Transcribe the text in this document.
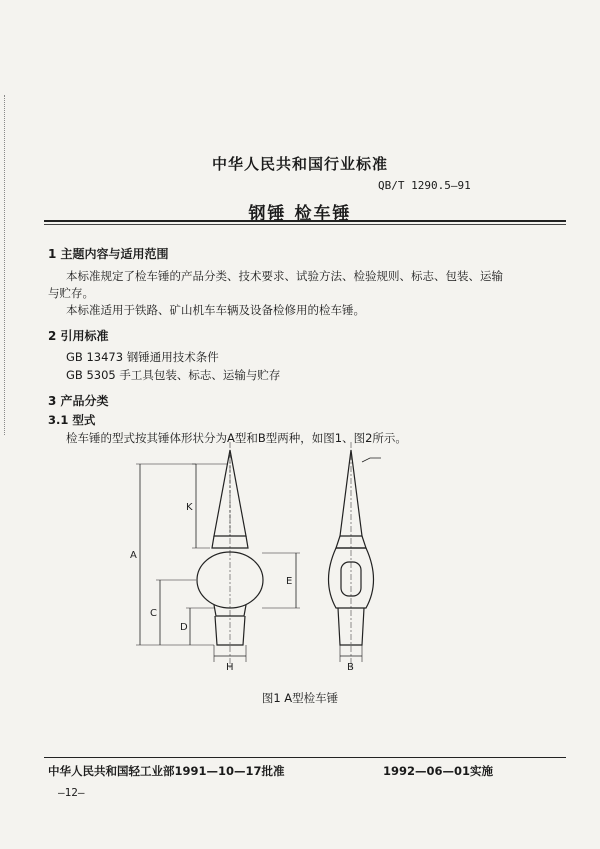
中华人民共和国行业标准
QB/T 1290.5—91
钢锤 检车锤
1 主题内容与适用范围
本标准规定了检车锤的产品分类、技术要求、试验方法、检验规则、标志、包装、运输
与贮存。
本标准适用于铁路、矿山机车车辆及设备检修用的检车锤。
2 引用标准
GB 13473 钢锤通用技术条件
GB 5305 手工具包装、标志、运输与贮存
3 产品分类
3.1 型式
检车锤的型式按其锤体形状分为A型和B型两种，如图1、图2所示。
K
A
C
D
E
H	B
图1 A型检车锤
中华人民共和国轻工业部1991—10—17批准	1992—06—01实施
—12—
